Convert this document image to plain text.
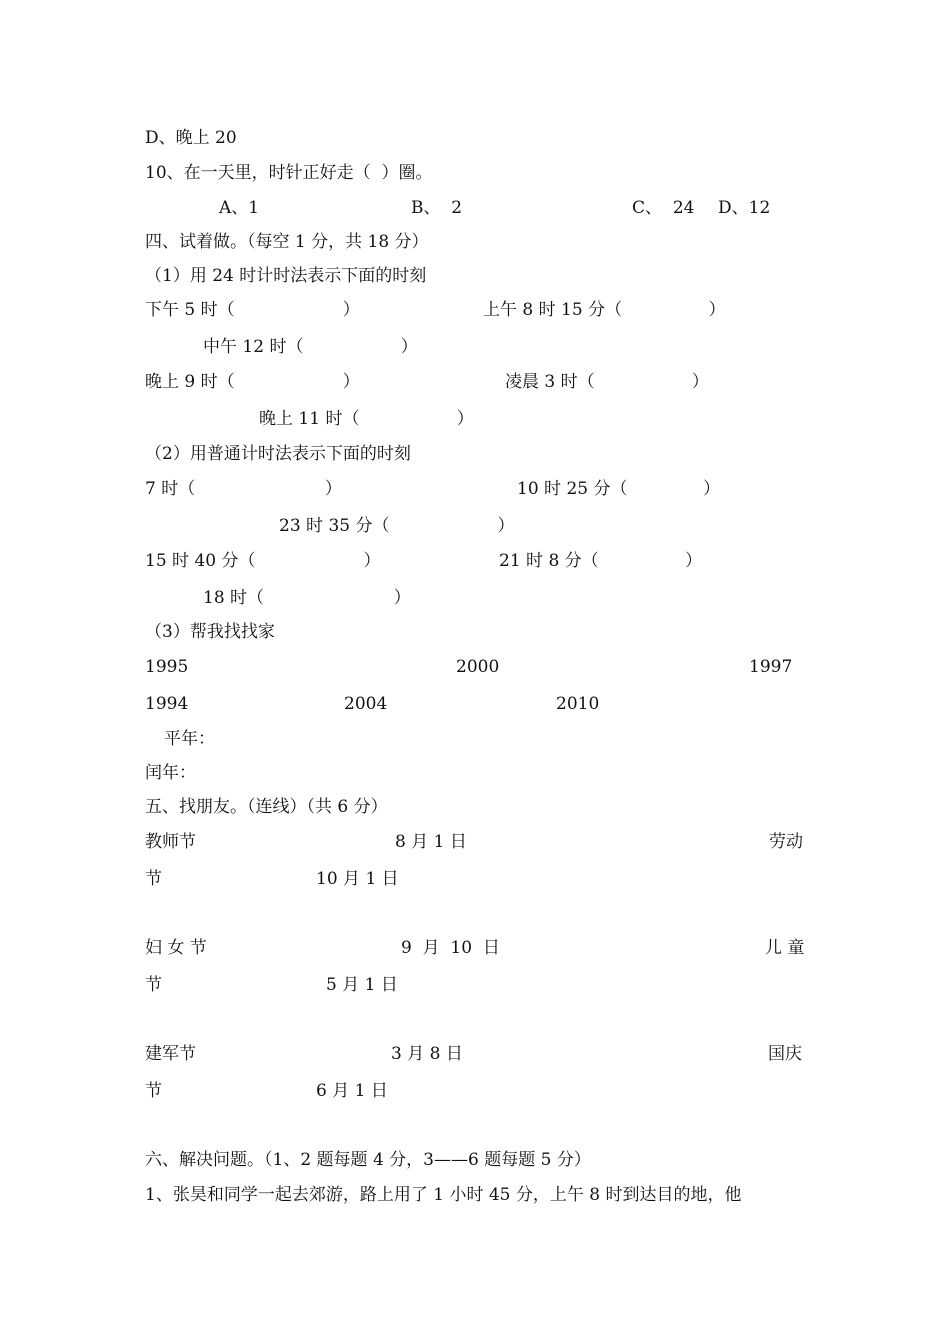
D、晚上 20
10、在一天里，时针正好走（  ）圈。
A、1	B、  2	C、  24 D、12
四、试着做。（每空 1 分，共 18 分）
（1）用 24 时计时法表示下面的时刻
下午 5 时（                    ）	上午 8 时 15 分（                ）
中午 12 时（                  ）
晚上 9 时（                    ）	凌晨 3 时（                  ）
晚上 11 时（                  ）
（2）用普通计时法表示下面的时刻
7 时（                        ）	10 时 25 分（              ）
23 时 35 分（                    ）
15 时 40 分（                    ）	21 时 8 分（                ）
18 时（                        ）
（3）帮我找找家
1995	2000	1997
1994	2004	2010
平年：
闰年：
五、找朋友。（连线）（共 6 分）
教师节	8 月 1 日	劳动
节	10 月 1 日
妇 女 节	9  月  10  日	儿 童
节	5 月 1 日
建军节	3 月 8 日	国庆
节	6 月 1 日
六、解决问题。（1、2 题每题 4 分，3——6 题每题 5 分）
1、张昊和同学一起去郊游，路上用了 1 小时 45 分，上午 8 时到达目的地，他
